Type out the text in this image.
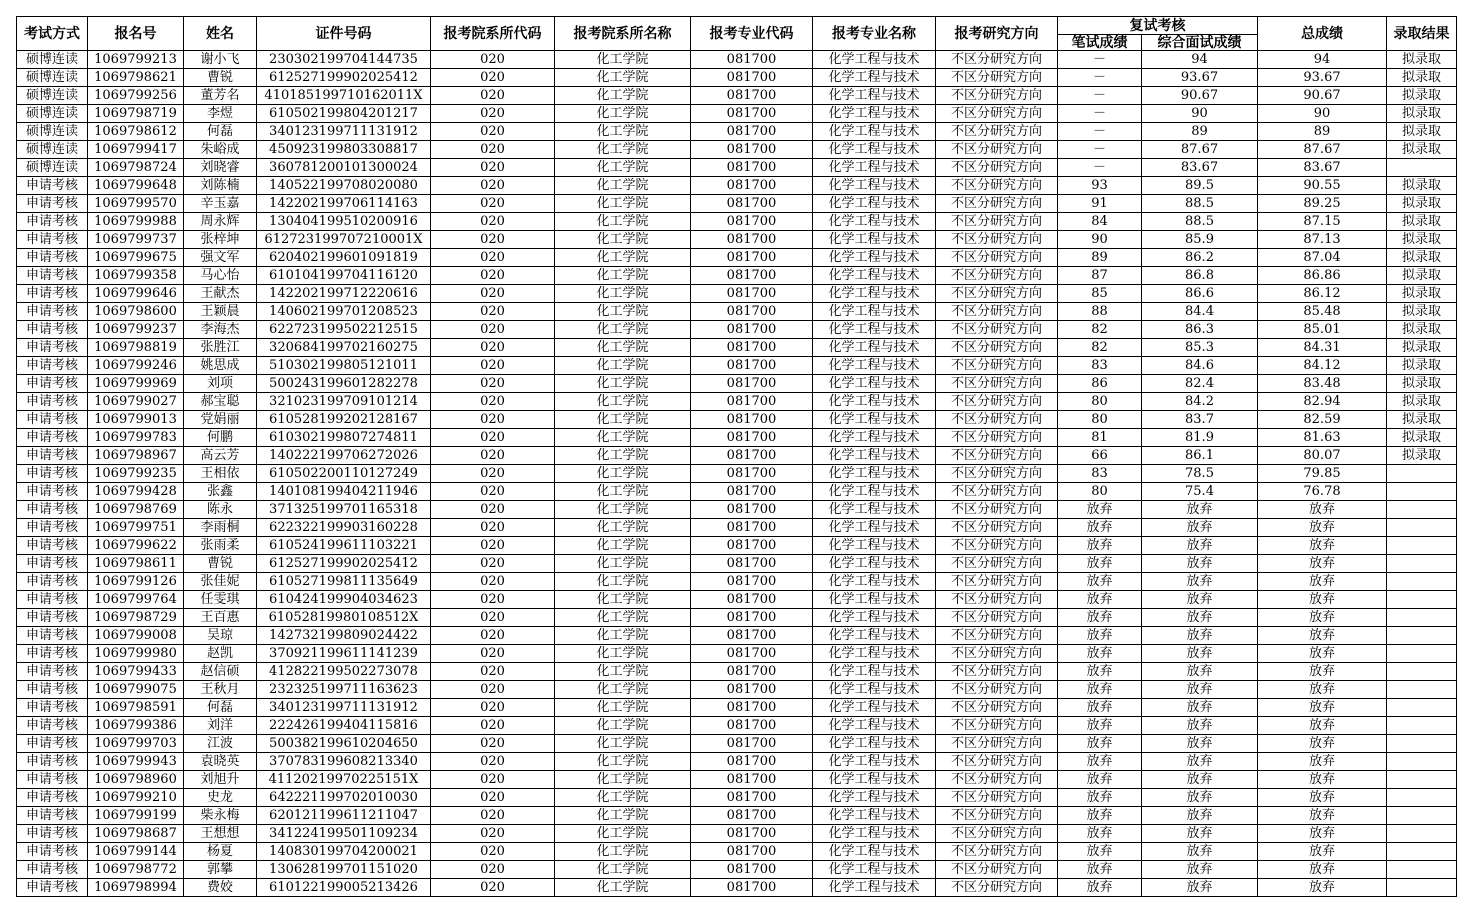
考试方式	报名号	姓名	证件号码	报考院系所代码	报考院系所名称	报考专业代码	报考专业名称	报考研究方向	复试考核		总成绩	录取结果
									笔试成绩	综合面试成绩		
硕博连读	1069799213	谢小飞	230302199704144735	020	化工学院	081700	化学工程与技术	不区分研究方向	－	94	94	拟录取
硕博连读	1069798621	曹锐	612527199902025412	020	化工学院	081700	化学工程与技术	不区分研究方向	－	93.67	93.67	拟录取
硕博连读	1069799256	董芳名	410185199710162011X	020	化工学院	081700	化学工程与技术	不区分研究方向	－	90.67	90.67	拟录取
硕博连读	1069798719	李煜	610502199804201217	020	化工学院	081700	化学工程与技术	不区分研究方向	－	90	90	拟录取
硕博连读	1069798612	何磊	340123199711131912	020	化工学院	081700	化学工程与技术	不区分研究方向	－	89	89	拟录取
硕博连读	1069799417	朱峪成	450923199803308817	020	化工学院	081700	化学工程与技术	不区分研究方向	－	87.67	87.67	拟录取
硕博连读	1069798724	刘晓睿	360781200101300024	020	化工学院	081700	化学工程与技术	不区分研究方向	－	83.67	83.67	
申请考核	1069799648	刘陈楠	140522199708020080	020	化工学院	081700	化学工程与技术	不区分研究方向	93	89.5	90.55	拟录取
申请考核	1069799570	辛玉嘉	142202199706114163	020	化工学院	081700	化学工程与技术	不区分研究方向	91	88.5	89.25	拟录取
申请考核	1069799988	周永辉	130404199510200916	020	化工学院	081700	化学工程与技术	不区分研究方向	84	88.5	87.15	拟录取
申请考核	1069799737	张梓坤	612723199707210001X	020	化工学院	081700	化学工程与技术	不区分研究方向	90	85.9	87.13	拟录取
申请考核	1069799675	强文军	620402199601091819	020	化工学院	081700	化学工程与技术	不区分研究方向	89	86.2	87.04	拟录取
申请考核	1069799358	马心怡	610104199704116120	020	化工学院	081700	化学工程与技术	不区分研究方向	87	86.8	86.86	拟录取
申请考核	1069799646	王献杰	142202199712220616	020	化工学院	081700	化学工程与技术	不区分研究方向	85	86.6	86.12	拟录取
申请考核	1069798600	王颖晨	140602199701208523	020	化工学院	081700	化学工程与技术	不区分研究方向	88	84.4	85.48	拟录取
申请考核	1069799237	李海杰	622723199502212515	020	化工学院	081700	化学工程与技术	不区分研究方向	82	86.3	85.01	拟录取
申请考核	1069798819	张胜江	320684199702160275	020	化工学院	081700	化学工程与技术	不区分研究方向	82	85.3	84.31	拟录取
申请考核	1069799246	姚思成	510302199805121011	020	化工学院	081700	化学工程与技术	不区分研究方向	83	84.6	84.12	拟录取
申请考核	1069799969	刘项	500243199601282278	020	化工学院	081700	化学工程与技术	不区分研究方向	86	82.4	83.48	拟录取
申请考核	1069799027	郝宝聪	321023199709101214	020	化工学院	081700	化学工程与技术	不区分研究方向	80	84.2	82.94	拟录取
申请考核	1069799013	党娟丽	610528199202128167	020	化工学院	081700	化学工程与技术	不区分研究方向	80	83.7	82.59	拟录取
申请考核	1069799783	何鹏	610302199807274811	020	化工学院	081700	化学工程与技术	不区分研究方向	81	81.9	81.63	拟录取
申请考核	1069798967	高云芳	140222199706272026	020	化工学院	081700	化学工程与技术	不区分研究方向	66	86.1	80.07	拟录取
申请考核	1069799235	王相依	610502200110127249	020	化工学院	081700	化学工程与技术	不区分研究方向	83	78.5	79.85	
申请考核	1069799428	张鑫	140108199404211946	020	化工学院	081700	化学工程与技术	不区分研究方向	80	75.4	76.78	
申请考核	1069798769	陈永	371325199701165318	020	化工学院	081700	化学工程与技术	不区分研究方向	放弃	放弃	放弃	
申请考核	1069799751	李雨桐	622322199903160228	020	化工学院	081700	化学工程与技术	不区分研究方向	放弃	放弃	放弃	
申请考核	1069799622	张雨柔	610524199611103221	020	化工学院	081700	化学工程与技术	不区分研究方向	放弃	放弃	放弃	
申请考核	1069798611	曹锐	612527199902025412	020	化工学院	081700	化学工程与技术	不区分研究方向	放弃	放弃	放弃	
申请考核	1069799126	张佳妮	610527199811135649	020	化工学院	081700	化学工程与技术	不区分研究方向	放弃	放弃	放弃	
申请考核	1069799764	任雯琪	610424199904034623	020	化工学院	081700	化学工程与技术	不区分研究方向	放弃	放弃	放弃	
申请考核	1069798729	王百惠	610528199801085​12X	020	化工学院	081700	化学工程与技术	不区分研究方向	放弃	放弃	放弃	
申请考核	1069799008	吴琼	142732199809024422	020	化工学院	081700	化学工程与技术	不区分研究方向	放弃	放弃	放弃	
申请考核	1069799980	赵凯	370921199611141239	020	化工学院	081700	化学工程与技术	不区分研究方向	放弃	放弃	放弃	
申请考核	1069799433	赵信硕	412822199502273078	020	化工学院	081700	化学工程与技术	不区分研究方向	放弃	放弃	放弃	
申请考核	1069799075	王秋月	232325199711163623	020	化工学院	081700	化学工程与技术	不区分研究方向	放弃	放弃	放弃	
申请考核	1069798591	何磊	340123199711131912	020	化工学院	081700	化学工程与技术	不区分研究方向	放弃	放弃	放弃	
申请考核	1069799386	刘洋	222426199404115816	020	化工学院	081700	化学工程与技术	不区分研究方向	放弃	放弃	放弃	
申请考核	1069799703	江波	500382199610204650	020	化工学院	081700	化学工程与技术	不区分研究方向	放弃	放弃	放弃	
申请考核	1069799943	袁晓英	370783199608213340	020	化工学院	081700	化学工程与技术	不区分研究方向	放弃	放弃	放弃	
申请考核	1069798960	刘旭升	41120219970225151X	020	化工学院	081700	化学工程与技术	不区分研究方向	放弃	放弃	放弃	
申请考核	1069799210	史龙	642221199702010030	020	化工学院	081700	化学工程与技术	不区分研究方向	放弃	放弃	放弃	
申请考核	1069799199	柴永梅	620121199611211047	020	化工学院	081700	化学工程与技术	不区分研究方向	放弃	放弃	放弃	
申请考核	1069798687	王想想	341224199501109234	020	化工学院	081700	化学工程与技术	不区分研究方向	放弃	放弃	放弃	
申请考核	1069799144	杨夏	140830199704200021	020	化工学院	081700	化学工程与技术	不区分研究方向	放弃	放弃	放弃	
申请考核	1069798772	郭攀	130628199701151020	020	化工学院	081700	化学工程与技术	不区分研究方向	放弃	放弃	放弃	
申请考核	1069798994	费姣	610122199005213426	020	化工学院	081700	化学工程与技术	不区分研究方向	放弃	放弃	放弃	
